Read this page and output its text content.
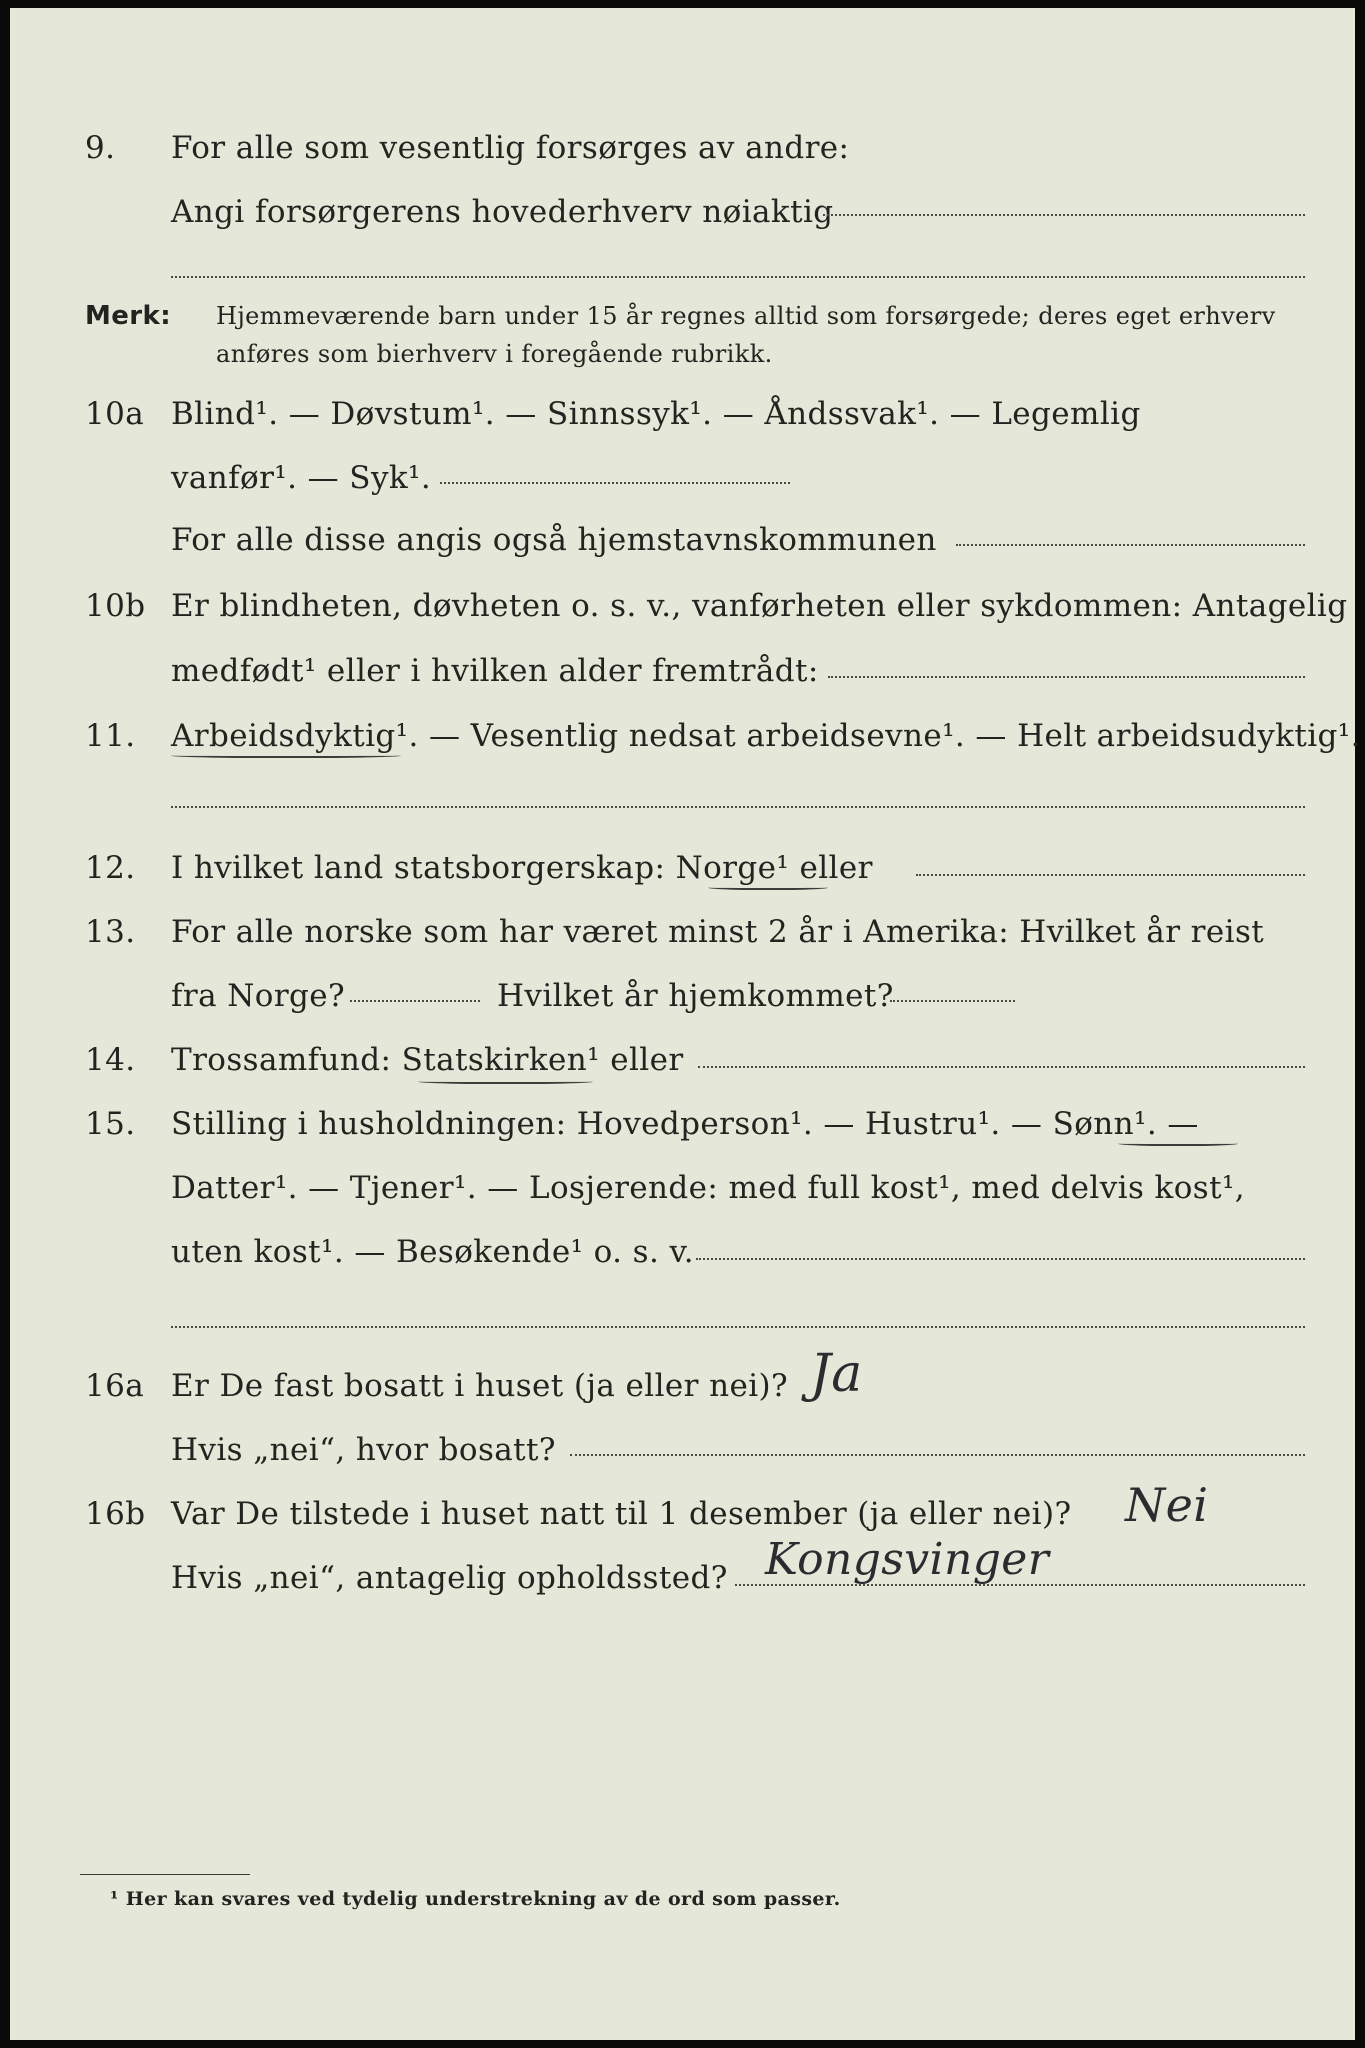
9. For alle som vesentlig forsørges av andre:
Angi forsørgerens hovederhverv nøiaktig
Merk: Hjemmeværende barn under 15 år regnes alltid som forsørgede; deres eget erhverv
anføres som bierhverv i foregående rubrikk.
10a Blind¹. — Døvstum¹. — Sinnssyk¹. — Åndssvak¹. — Legemlig
vanfør¹. — Syk¹.
For alle disse angis også hjemstavnskommunen
10b Er blindheten, døvheten o. s. v., vanførheten eller sykdommen: Antagelig
medfødt¹ eller i hvilken alder fremtrådt:
11. Arbeidsdyktig¹. — Vesentlig nedsat arbeidsevne¹. — Helt arbeidsudyktig¹.
12. I hvilket land statsborgerskap: Norge¹ eller
13. For alle norske som har været minst 2 år i Amerika: Hvilket år reist
fra Norge?	Hvilket år hjemkommet?
14. Trossamfund: Statskirken¹ eller
15. Stilling i husholdningen: Hovedperson¹. — Hustru¹. — Sønn¹. —
Datter¹. — Tjener¹. — Losjerende: med full kost¹, med delvis kost¹,
uten kost¹. — Besøkende¹ o. s. v.
16a Er De fast bosatt i huset (ja eller nei)? Ja
Hvis „nei“, hvor bosatt?
16b Var De tilstede i huset natt til 1 desember (ja eller nei)? Nei
Hvis „nei“, antagelig opholdssted? Kongsvinger
¹ Her kan svares ved tydelig understrekning av de ord som passer.
